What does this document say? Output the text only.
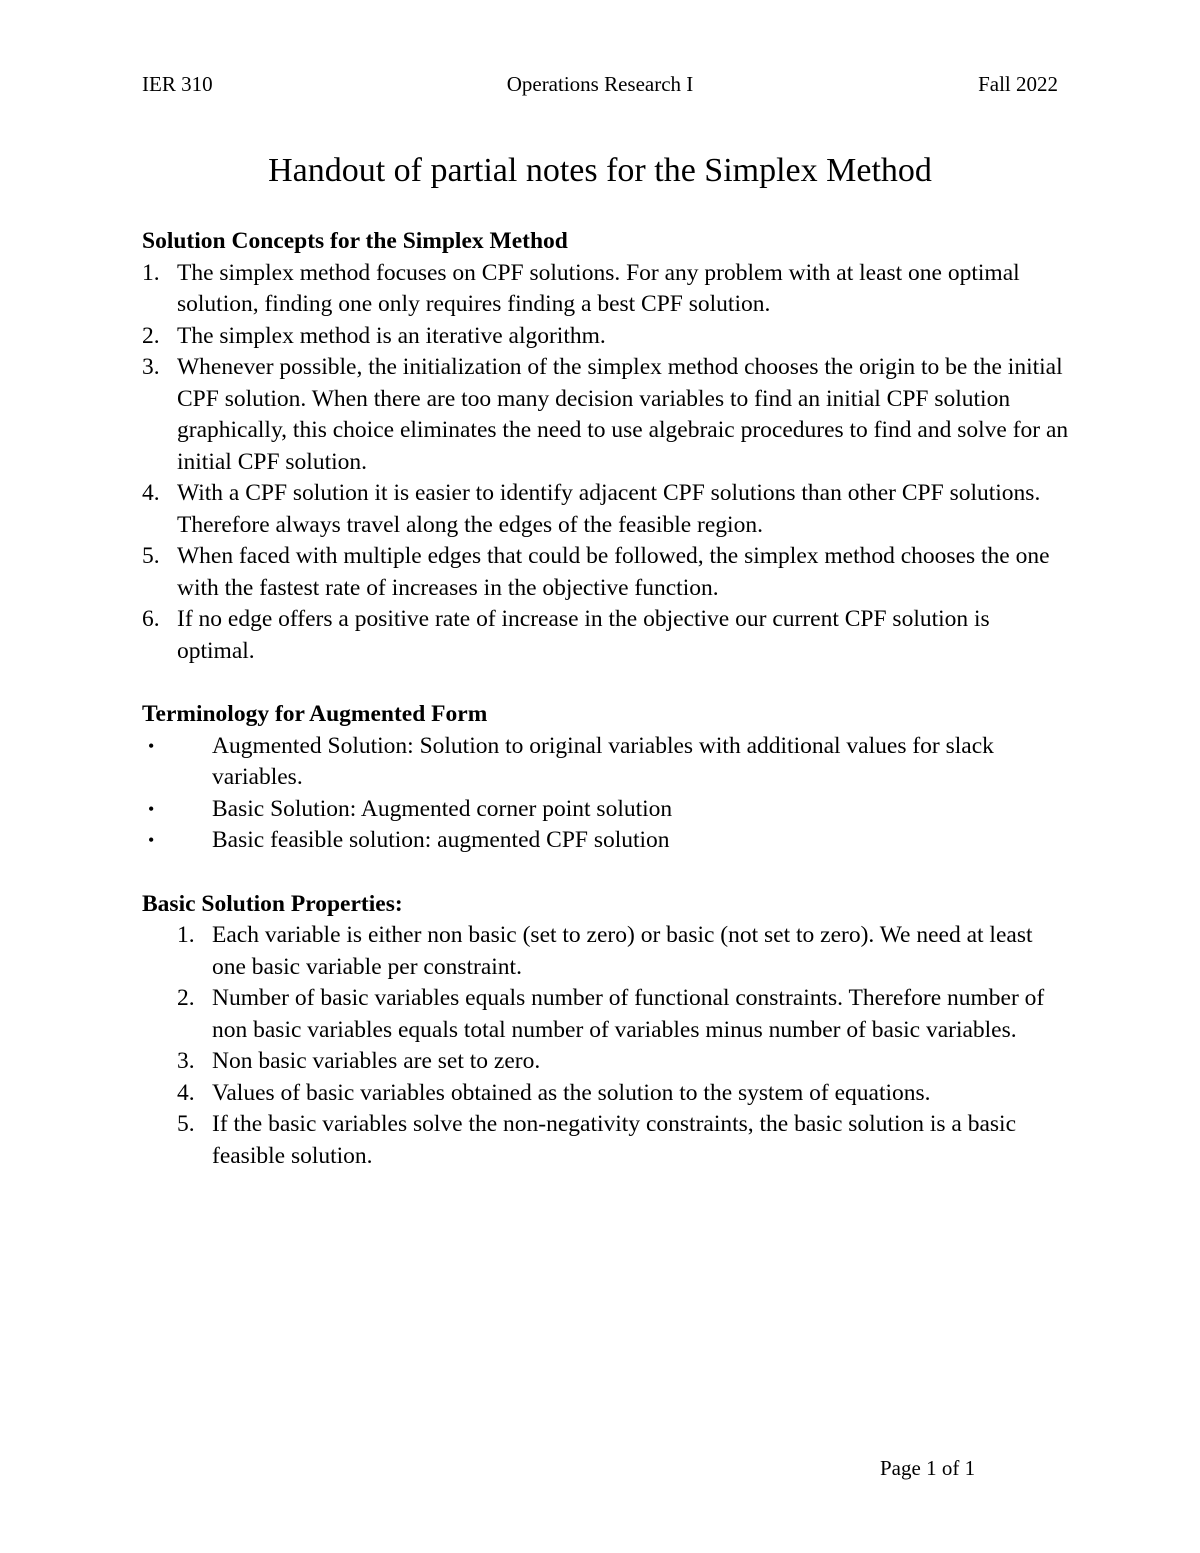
IER 310	Operations Research I	Fall 2022
Handout of partial notes for the Simplex Method

Solution Concepts for the Simplex Method

1. The simplex method focuses on CPF solutions. For any problem with at least one optimal solution, finding one only requires finding a best CPF solution.
2. The simplex method is an iterative algorithm.
3. Whenever possible, the initialization of the simplex method chooses the origin to be the initial CPF solution. When there are too many decision variables to find an initial CPF solution graphically, this choice eliminates the need to use algebraic procedures to find and solve for an initial CPF solution.
4. With a CPF solution it is easier to identify adjacent CPF solutions than other CPF solutions. Therefore always travel along the edges of the feasible region.
5. When faced with multiple edges that could be followed, the simplex method chooses the one with the fastest rate of increases in the objective function.
6. If no edge offers a positive rate of increase in the objective our current CPF solution is optimal.

Terminology for Augmented Form

• Augmented Solution: Solution to original variables with additional values for slack variables.
• Basic Solution: Augmented corner point solution
• Basic feasible solution: augmented CPF solution

Basic Solution Properties:

1. Each variable is either non basic (set to zero) or basic (not set to zero). We need at least one basic variable per constraint.
2. Number of basic variables equals number of functional constraints. Therefore number of non basic variables equals total number of variables minus number of basic variables.
3. Non basic variables are set to zero.
4. Values of basic variables obtained as the solution to the system of equations.
5. If the basic variables solve the non-negativity constraints, the basic solution is a basic feasible solution.
Page 1 of 1
